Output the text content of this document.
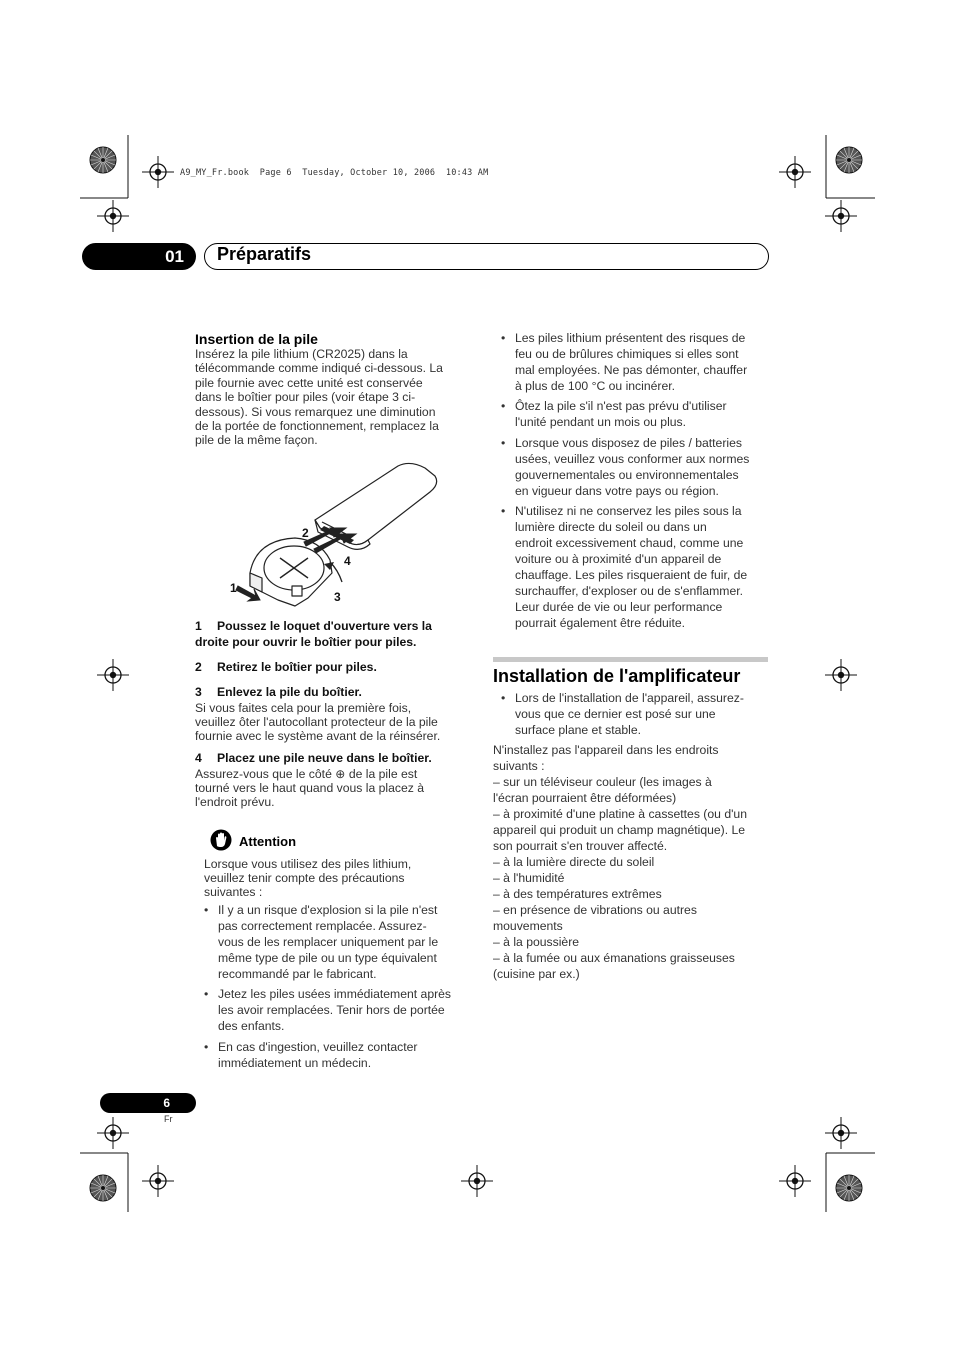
A9_MY_Fr.book  Page 6  Tuesday, October 10, 2006  10:43 AM
01 Préparatifs
Insertion de la pile

Insérez la pile lithium (CR2025) dans la

télécommande comme indiqué ci-dessous. La

pile fournie avec cette unité est conservée

dans le boîtier pour piles (voir étape 3 ci-

dessous). Si vous remarquez une diminution

de la portée de fonctionnement, remplacez la

pile de la même façon.

2
4
1
3
1 Poussez le loquet d'ouverture vers la
droite pour ouvrir le boîtier pour piles.
2 Retirez le boîtier pour piles.
3 Enlevez la pile du boîtier.

Si vous faites cela pour la première fois,

veuillez ôter l'autocollant protecteur de la pile

fournie avec le système avant de la réinsérer.

4 Placez une pile neuve dans le boîtier.

Assurez-vous que le côté ⊕ de la pile est

tourné vers le haut quand vous la placez à

l'endroit prévu.

Attention

Lorsque vous utilisez des piles lithium,

veuillez tenir compte des précautions

suivantes :

• Il y a un risque d'explosion si la pile n'est
pas correctement remplacée. Assurez-
vous de les remplacer uniquement par le
même type de pile ou un type équivalent
recommandé par le fabricant.
• Jetez les piles usées immédiatement après
les avoir remplacées. Tenir hors de portée
des enfants.
• En cas d'ingestion, veuillez contacter
immédiatement un médecin.
• Les piles lithium présentent des risques de
feu ou de brûlures chimiques si elles sont
mal employées. Ne pas démonter, chauffer
à plus de 100 °C ou incinérer.
• Ôtez la pile s'il n'est pas prévu d'utiliser
l'unité pendant un mois ou plus.
• Lorsque vous disposez de piles / batteries
usées, veuillez vous conformer aux normes
gouvernementales ou environnementales
en vigueur dans votre pays ou région.
• N'utilisez ni ne conservez les piles sous la
lumière directe du soleil ou dans un
endroit excessivement chaud, comme une
voiture ou à proximité d'un appareil de
chauffage. Les piles risqueraient de fuir, de
surchauffer, d'exploser ou de s'enflammer.
Leur durée de vie ou leur performance
pourrait également être réduite.
Installation de l'amplificateur
• Lors de l'installation de l'appareil, assurez-
vous que ce dernier est posé sur une
surface plane et stable.

N'installez pas l'appareil dans les endroits

suivants :

– sur un téléviseur couleur (les images à

l'écran pourraient être déformées)

– à proximité d'une platine à cassettes (ou d'un

appareil qui produit un champ magnétique). Le

son pourrait s'en trouver affecté.

– à la lumière directe du soleil

– à l'humidité

– à des températures extrêmes

– en présence de vibrations ou autres

mouvements

– à la poussière

– à la fumée ou aux émanations graisseuses

(cuisine par ex.)

6
Fr
